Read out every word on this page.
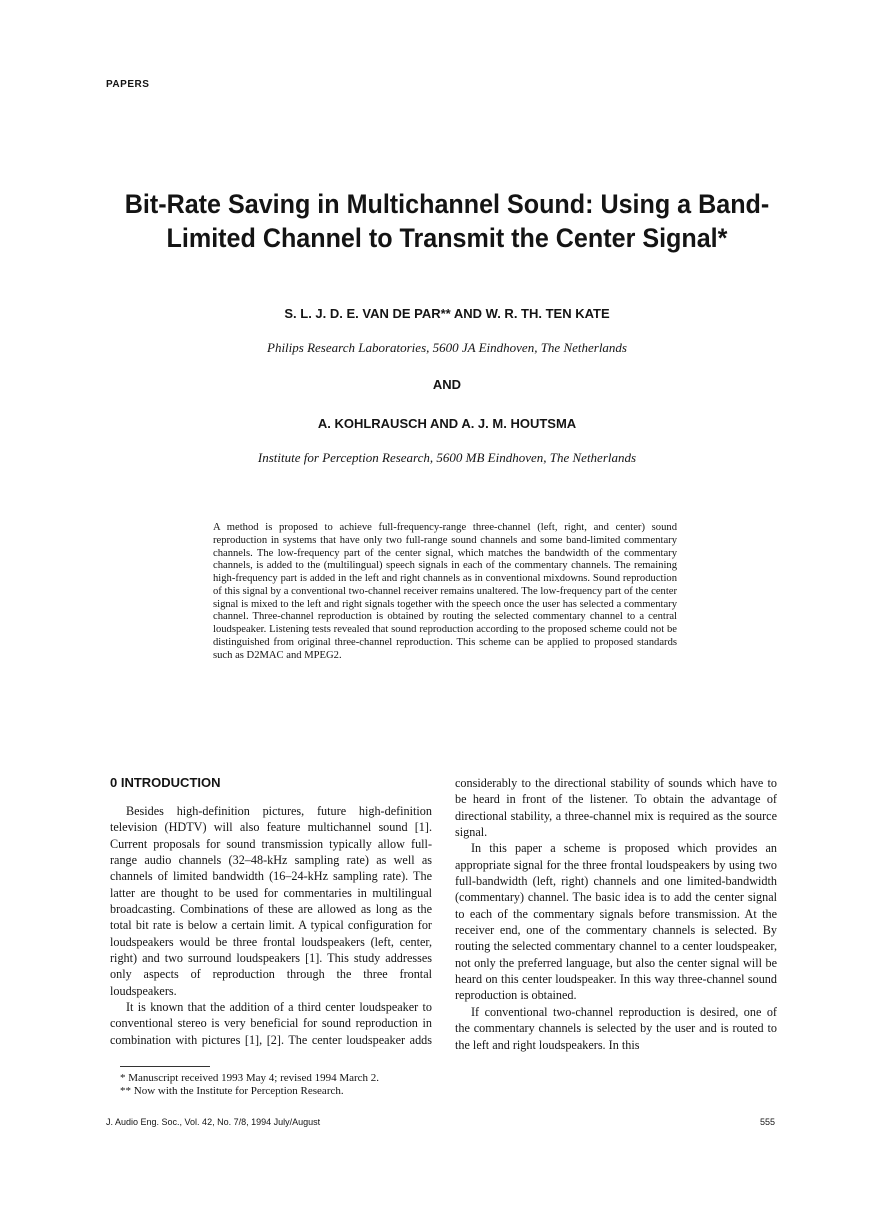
PAPERS
Bit-Rate Saving in Multichannel Sound: Using a Band-Limited Channel to Transmit the Center Signal*
S. L. J. D. E. VAN DE PAR** AND W. R. TH. TEN KATE
Philips Research Laboratories, 5600 JA Eindhoven, The Netherlands
AND
A. KOHLRAUSCH AND A. J. M. HOUTSMA
Institute for Perception Research, 5600 MB Eindhoven, The Netherlands

A method is proposed to achieve full-frequency-range three-channel (left, right, and center) sound reproduction in systems that have only two full-range sound channels and some band-limited commentary channels. The low-frequency part of the center signal, which matches the bandwidth of the commentary channels, is added to the (multilingual) speech signals in each of the commentary channels. The remaining high-frequency part is added in the left and right channels as in conventional mixdowns. Sound reproduction of this signal by a conventional two-channel receiver remains unaltered. The low-frequency part of the center signal is mixed to the left and right signals together with the speech once the user has selected a commentary channel. Three-channel reproduction is obtained by routing the selected commentary channel to a central loudspeaker. Listening tests revealed that sound reproduction according to the proposed scheme could not be distinguished from original three-channel reproduction. This scheme can be applied to proposed standards such as D2MAC and MPEG2.

0 INTRODUCTION

Besides high-definition pictures, future high-definition television (HDTV) will also feature multichannel sound [1]. Current proposals for sound transmission typically allow full-range audio channels (32–48-kHz sampling rate) as well as channels of limited bandwidth (16–24-kHz sampling rate). The latter are thought to be used for commentaries in multilingual broadcasting. Combinations of these are allowed as long as the total bit rate is below a certain limit. A typical configuration for loudspeakers would be three frontal loudspeakers (left, center, right) and two surround loudspeakers [1]. This study addresses only aspects of reproduction through the three frontal loudspeakers.

It is known that the addition of a third center loudspeaker to conventional stereo is very beneficial for sound reproduction in combination with pictures [1], [2]. The center loudspeaker adds

considerably to the directional stability of sounds which have to be heard in front of the listener. To obtain the advantage of directional stability, a three-channel mix is required as the source signal.

In this paper a scheme is proposed which provides an appropriate signal for the three frontal loudspeakers by using two full-bandwidth (left, right) channels and one limited-bandwidth (commentary) channel. The basic idea is to add the center signal to each of the commentary signals before transmission. At the receiver end, one of the commentary channels is selected. By routing the selected commentary channel to a center loudspeaker, not only the preferred language, but also the center signal will be heard on this center loudspeaker. In this way three-channel sound reproduction is obtained.

If conventional two-channel reproduction is desired, one of the commentary channels is selected by the user and is routed to the left and right loudspeakers. In this

* Manuscript received 1993 May 4; revised 1994 March 2.
** Now with the Institute for Perception Research.
J. Audio Eng. Soc., Vol. 42, No. 7/8, 1994 July/August	555
